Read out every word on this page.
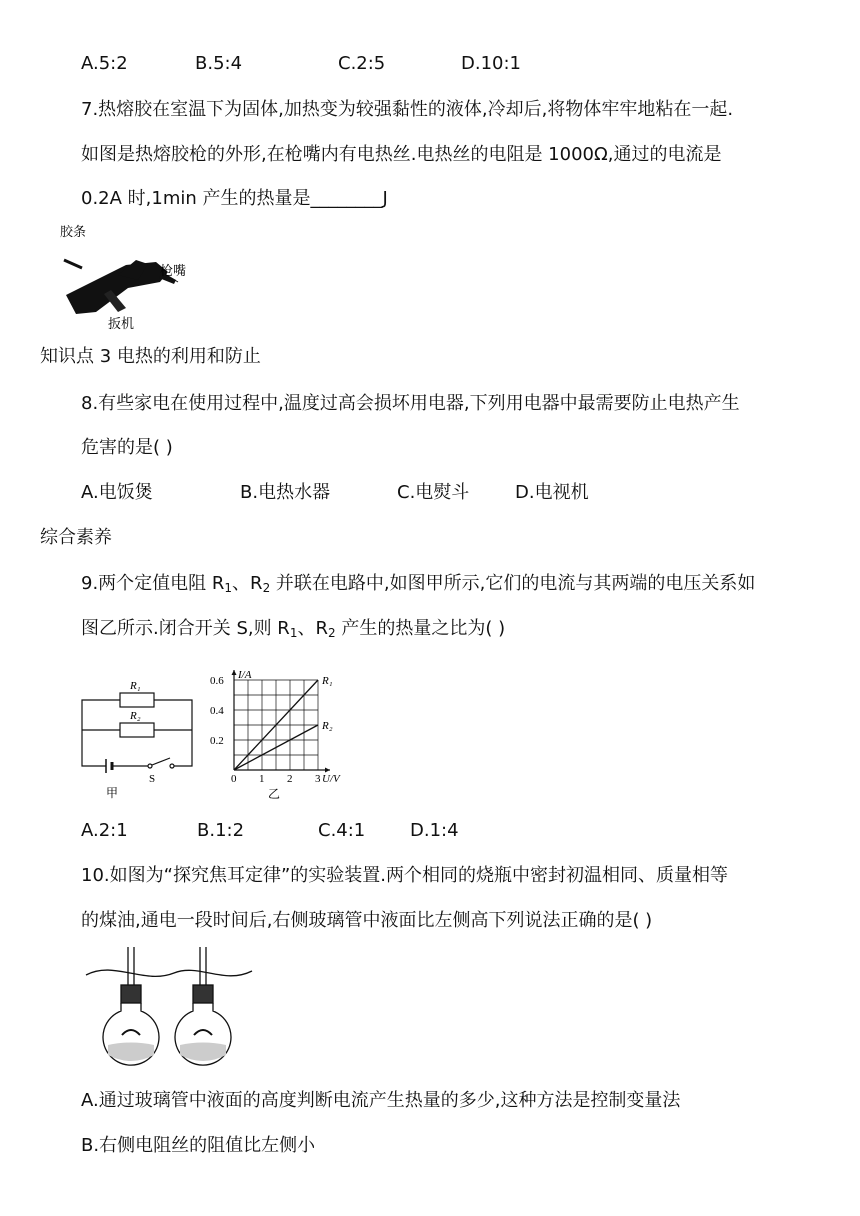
A.5:2	B.5:4	C.2:5	D.10:1
7.热熔胶在室温下为固体,加热变为较强黏性的液体,冷却后,将物体牢牢地粘在一起.
如图是热熔胶枪的外形,在枪嘴内有电热丝.电热丝的电阻是 1000Ω,通过的电流是
0.2A 时,1min 产生的热量是________J
胶条
枪嘴
扳机
知识点 3 电热的利用和防止
8.有些家电在使用过程中,温度过高会损坏用电器,下列用电器中最需要防止电热产生
危害的是( )
A.电饭煲	B.电热水器	C.电熨斗	D.电视机
综合素养
9.两个定值电阻 $R_1$、$R_2$ 并联在电路中,如图甲所示,它们的电流与其两端的电压关系如
图乙所示.闭合开关 S,则 $R_1$、$R_2$ 产生的热量之比为( )
R₁
R₂
S
甲
0 1 2 3
0.2
0.4
0.6 I/A
U/V
R₁
R₂
乙
A.2:1	B.1:2	C.4:1 D.1:4
10.如图为“探究焦耳定律”的实验装置.两个相同的烧瓶中密封初温相同、质量相等
的煤油,通电一段时间后,右侧玻璃管中液面比左侧高下列说法正确的是( )
A.通过玻璃管中液面的高度判断电流产生热量的多少,这种方法是控制变量法
B.右侧电阻丝的阻值比左侧小
